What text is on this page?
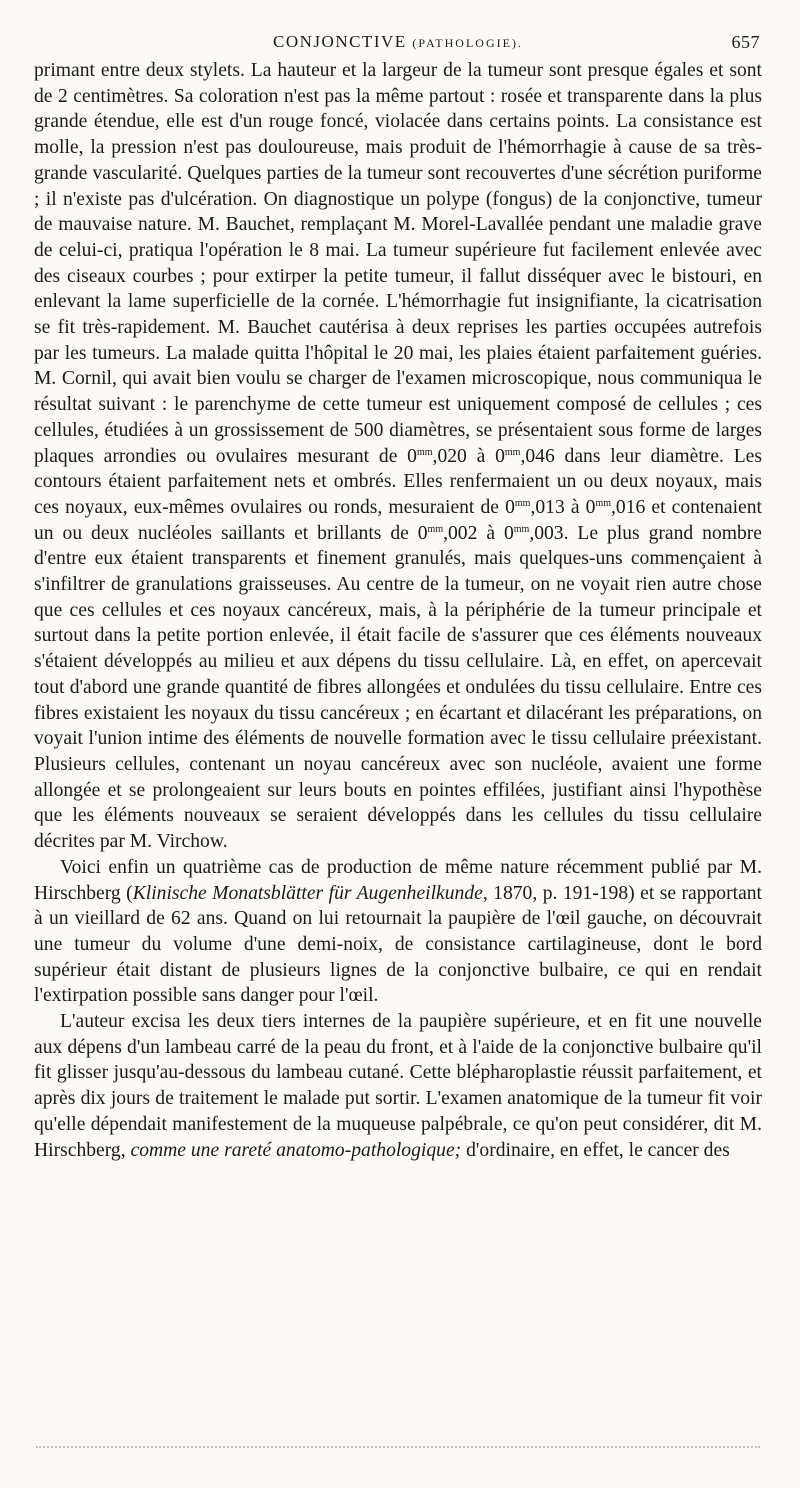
CONJONCTIVE (PATHOLOGIE).	657

primant entre deux stylets. La hauteur et la largeur de la tumeur sont presque égales et sont de 2 centimètres. Sa coloration n'est pas la même partout : rosée et transparente dans la plus grande étendue, elle est d'un rouge foncé, violacée dans certains points. La consistance est molle, la pression n'est pas douloureuse, mais produit de l'hémorrhagie à cause de sa très-grande vascularité. Quelques parties de la tumeur sont recouvertes d'une sécrétion puriforme ; il n'existe pas d'ulcération. On diagnostique un polype (fongus) de la conjonctive, tumeur de mauvaise nature. M. Bauchet, remplaçant M. Morel-Lavallée pendant une maladie grave de celui-ci, pratiqua l'opération le 8 mai. La tumeur supérieure fut facilement enlevée avec des ciseaux courbes ; pour extirper la petite tumeur, il fallut disséquer avec le bistouri, en enlevant la lame superficielle de la cornée. L'hémorrhagie fut insignifiante, la cicatrisation se fit très-rapidement. M. Bauchet cautérisa à deux reprises les parties occupées autrefois par les tumeurs. La malade quitta l'hôpital le 20 mai, les plaies étaient parfaitement guéries. M. Cornil, qui avait bien voulu se charger de l'examen microscopique, nous communiqua le résultat suivant : le parenchyme de cette tumeur est uniquement composé de cellules ; ces cellules, étudiées à un grossissement de 500 diamètres, se présentaient sous forme de larges plaques arrondies ou ovulaires mesurant de $0^{mm},020$ à $0^{mm},046$ dans leur diamètre. Les contours étaient parfaitement nets et ombrés. Elles renfermaient un ou deux noyaux, mais ces noyaux, eux-mêmes ovulaires ou ronds, mesuraient de $0^{mm},013$ à $0^{mm},016$ et contenaient un ou deux nucléoles saillants et brillants de $0^{mm},002$ à $0^{mm},003$. Le plus grand nombre d'entre eux étaient transparents et finement granulés, mais quelques-uns commençaient à s'infiltrer de granulations graisseuses. Au centre de la tumeur, on ne voyait rien autre chose que ces cellules et ces noyaux cancéreux, mais, à la périphérie de la tumeur principale et surtout dans la petite portion enlevée, il était facile de s'assurer que ces éléments nouveaux s'étaient développés au milieu et aux dépens du tissu cellulaire. Là, en effet, on apercevait tout d'abord une grande quantité de fibres allongées et ondulées du tissu cellulaire. Entre ces fibres existaient les noyaux du tissu cancéreux ; en écartant et dilacérant les préparations, on voyait l'union intime des éléments de nouvelle formation avec le tissu cellulaire préexistant. Plusieurs cellules, contenant un noyau cancéreux avec son nucléole, avaient une forme allongée et se prolongeaient sur leurs bouts en pointes effilées, justifiant ainsi l'hypothèse que les éléments nouveaux se seraient développés dans les cellules du tissu cellulaire décrites par M. Virchow.

Voici enfin un quatrième cas de production de même nature récemment publié par M. Hirschberg (Klinische Monatsblätter für Augenheilkunde, 1870, p. 191-198) et se rapportant à un vieillard de 62 ans. Quand on lui retournait la paupière de l'œil gauche, on découvrait une tumeur du volume d'une demi-noix, de consistance cartilagineuse, dont le bord supérieur était distant de plusieurs lignes de la conjonctive bulbaire, ce qui en rendait l'extirpation possible sans danger pour l'œil.

L'auteur excisa les deux tiers internes de la paupière supérieure, et en fit une nouvelle aux dépens d'un lambeau carré de la peau du front, et à l'aide de la conjonctive bulbaire qu'il fit glisser jusqu'au-dessous du lambeau cutané. Cette blépharoplastie réussit parfaitement, et après dix jours de traitement le malade put sortir. L'examen anatomique de la tumeur fit voir qu'elle dépendait manifestement de la muqueuse palpébrale, ce qu'on peut considérer, dit M. Hirschberg, comme une rareté anatomo-pathologique; d'ordinaire, en effet, le cancer des
